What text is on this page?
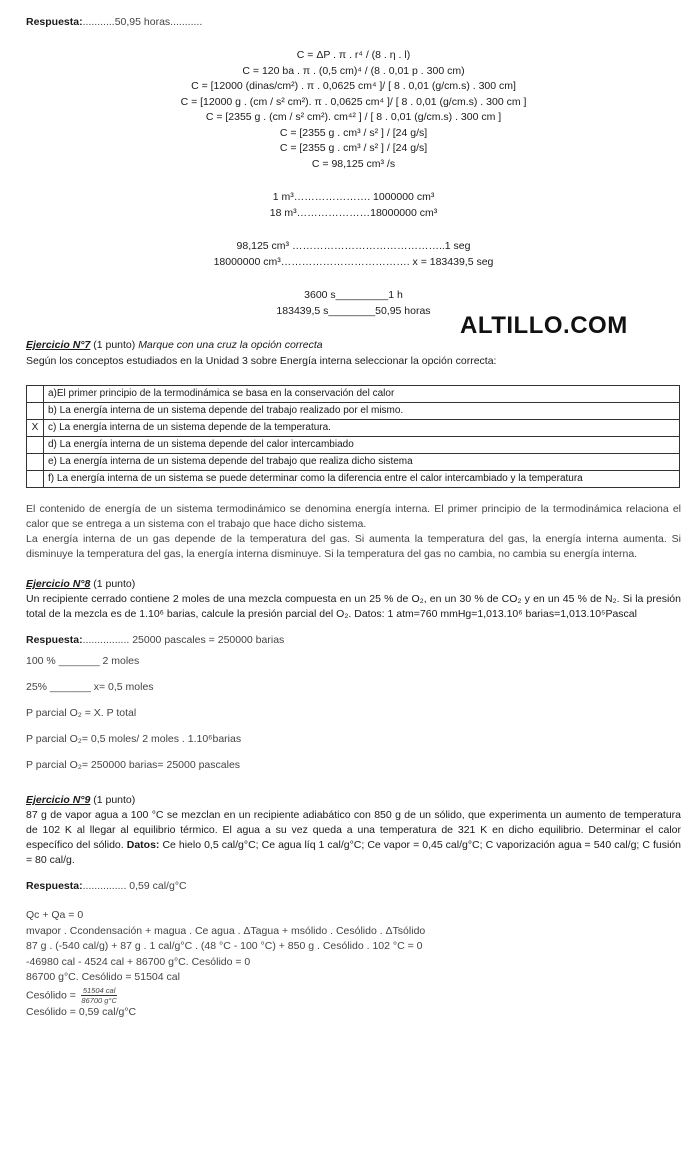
Respuesta:...........50,95 horas...........
C = ΔP . π . r⁴ / (8 . η . l)
C = 120 ba . π . (0,5 cm)⁴ / (8 . 0,01 p . 300 cm)
C = [12000 (dinas/cm²) . π . 0,0625 cm⁴ ]/ [ 8 . 0,01 (g/cm.s) . 300 cm]
C = [12000 g . (cm / s² cm²). π . 0,0625 cm⁴ ]/ [ 8 . 0,01 (g/cm.s) . 300 cm ]
C = [2355 g . (cm / s² cm²). cm⁴² ] / [ 8 . 0,01 (g/cm.s) . 300 cm ]
C = [2355 g . cm³ / s² ] / [24 g/s]
C = [2355 g . cm³ / s² ] / [24 g/s]
C = 98,125 cm³ /s
1 m³…………………. 1000000 cm³
18 m³…………………18000000 cm³
98,125 cm³ ……………………………………..1 seg
18000000 cm³………………………………. x = 183439,5 seg
3600 s_________1 h
183439,5 s________50,95 horas
Ejercicio N°7 (1 punto) Marque con una cruz la opción correcta
Según los conceptos estudiados en la Unidad 3 sobre Energía interna seleccionar la opción correcta:
	a)El primer principio de la termodinámica se basa en la conservación del calor
	b) La energía interna de un sistema depende del trabajo realizado por el mismo.
X	c) La energía interna de un sistema depende de la temperatura.
	d) La energía interna de un sistema depende del calor intercambiado
	e) La energía interna de un sistema depende del trabajo que realiza dicho sistema
	f) La energía interna de un sistema se puede determinar como la diferencia entre el calor intercambiado y la temperatura
El contenido de energía de un sistema termodinámico se denomina energía interna. El primer principio de la termodinámica relaciona el calor que se entrega a un sistema con el trabajo que hace dicho sistema.
La energía interna de un gas depende de la temperatura del gas. Si aumenta la temperatura del gas, la energía interna aumenta. Si disminuye la temperatura del gas, la energía interna disminuye. Si la temperatura del gas no cambia, no cambia su energía interna.
Ejercicio N°8 (1 punto)
Un recipiente cerrado contiene 2 moles de una mezcla compuesta en un 25 % de O₂, en un 30 % de CO₂ y en un 45 % de N₂. Si la presión total de la mezcla es de 1.10⁶ barias, calcule la presión parcial del O₂. Datos: 1 atm=760 mmHg=1,013.10⁶ barias=1,013.10⁵Pascal
Respuesta:................ 25000 pascales = 250000 barias
100 % _______ 2 moles
25% _______ x= 0,5 moles
P parcial O₂ = X. P total
P parcial O₂= 0,5 moles/ 2 moles . 1.10⁶barias
P parcial O₂= 250000 barias= 25000 pascales
Ejercicio N°9 (1 punto)
87 g de vapor agua a 100 °C se mezclan en un recipiente adiabático con 850 g de un sólido, que experimenta un aumento de temperatura de 102 K al llegar al equilibrio térmico. El agua a su vez queda a una temperatura de 321 K en dicho equilibrio. Determinar el calor específico del sólido. Datos: Ce hielo 0,5 cal/g°C; Ce agua líq 1 cal/g°C; Ce vapor = 0,45 cal/g°C; C vaporización agua = 540 cal/g; C fusión = 80 cal/g.
Respuesta:............... 0,59 cal/g°C
Qc + Qa = 0
mvapor . Ccondensación + magua . Ce agua . ΔTagua + msólido . Cesólido . ΔTsólido
87 g . (-540 cal/g) + 87 g . 1 cal/g°C . (48 °C - 100 °C) + 850 g . Cesólido . 102 °C = 0
-46980 cal - 4524 cal + 86700 g°C. Cesólido = 0
86700 g°C. Cesólido = 51504 cal
Cesólido = $\frac{\text{51504 cal}}{86700 g^\circ C}$
Cesólido = 0,59 cal/g°C
ALTILLO.COM
